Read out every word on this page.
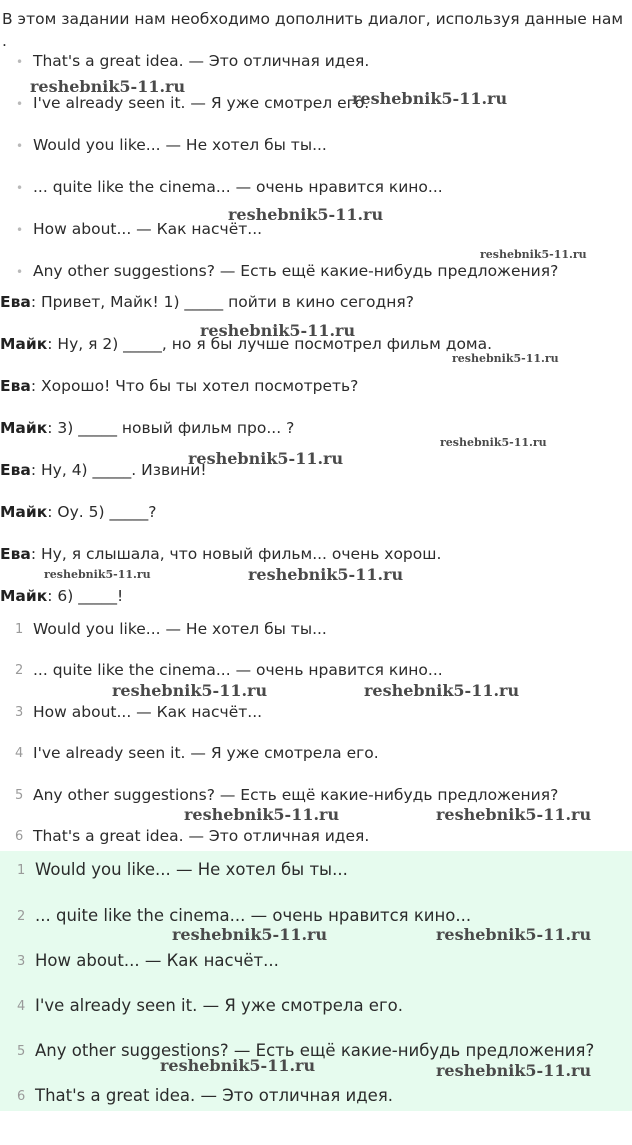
В этом задании нам необходимо дополнить диалог, используя данные нам
.
• That's a great idea. — Это отличная идея.
• I've already seen it. — Я уже смотрел его.
• Would you like... — Не хотел бы ты...
• ... quite like the cinema... — очень нравится кино...
• How about... — Как насчёт...
• Any other suggestions? — Есть ещё какие-нибудь предложения?
Ева: Привет, Майк! 1) _____ пойти в кино сегодня?
Майк: Ну, я 2) _____, но я бы лучше посмотрел фильм дома.
Ева: Хорошо! Что бы ты хотел посмотреть?
Майк: 3) _____ новый фильм про... ?
Ева: Ну, 4) _____. Извини!
Майк: Оу. 5) _____?
Ева: Ну, я слышала, что новый фильм... очень хорош.
Майк: 6) _____!
1 Would you like... — Не хотел бы ты...
2 ... quite like the cinema... — очень нравится кино...
3 How about... — Как насчёт...
4 I've already seen it. — Я уже смотрела его.
5 Any other suggestions? — Есть ещё какие-нибудь предложения?
6 That's a great idea. — Это отличная идея.
1 Would you like... — Не хотел бы ты...
2 ... quite like the cinema... — очень нравится кино...
3 How about... — Как насчёт...
4 I've already seen it. — Я уже смотрела его.
5 Any other suggestions? — Есть ещё какие-нибудь предложения?
6 That's a great idea. — Это отличная идея.
reshebnik5-11.ru
reshebnik5-11.ru
reshebnik5-11.ru
reshebnik5-11.ru
reshebnik5-11.ru
reshebnik5-11.ru
reshebnik5-11.ru
reshebnik5-11.ru
reshebnik5-11.ru	reshebnik5-11.ru
reshebnik5-11.ru	reshebnik5-11.ru
reshebnik5-11.ru	reshebnik5-11.ru
reshebnik5-11.ru	reshebnik5-11.ru
reshebnik5-11.ru	reshebnik5-11.ru
